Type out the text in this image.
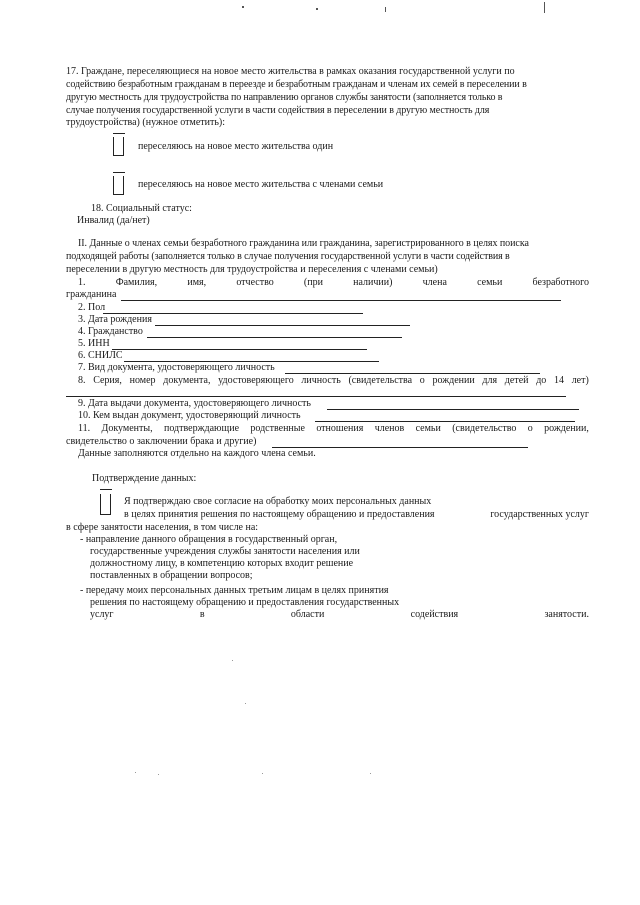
17. Граждане, переселяющиеся на новое место жительства в рамках оказания государственной услуги по
содействию безработным гражданам в переезде и безработным гражданам и членам их семей в переселении в
другую местность для трудоустройства по направлению органов службы занятости (заполняется только в
случае получения государственной услуги в части содействия в переселении в другую местность для
трудоустройства) (нужное отметить):
переселяюсь на новое место жительства один
переселяюсь на новое место жительства с членами семьи
18. Социальный статус:
Инвалид (да/нет)
II. Данные о членах семьи безработного гражданина или гражданина, зарегистрированного в целях поиска
подходящей работы (заполняется только в случае получения государственной услуги в части содействия в
переселении в другую местность для трудоустройства и переселения с членами семьи)
1.	Фамилия,	имя,	отчество	(при	наличии)	члена	семьи	безработного
гражданина
2. Пол
3. Дата рождения
4. Гражданство
5. ИНН
6. СНИЛС
7. Вид документа, удостоверяющего личность
8. Серия, номер документа, удостоверяющего личность (свидетельства о рождении для детей до 14 лет)
9. Дата выдачи документа, удостоверяющего личность
10. Кем выдан документ, удостоверяющий личность
11. Документы, подтверждающие родственные отношения членов семьи (свидетельство о рождении,
свидетельство о заключении брака и другие)
Данные заполняются отдельно на каждого члена семьи.
Подтверждение данных:
Я подтверждаю свое согласие на обработку моих персональных данных
в целях принятия решения по настоящему обращению и предоставления	государственных услуг
в сфере занятости населения, в том числе на:
- направление данного обращения в государственный орган,
государственные учреждения службы занятости населения или
должностному лицу, в компетенцию которых входит решение
поставленных в обращении вопросов;
- передачу моих персональных данных третьим лицам в целях принятия
решения по настоящему обращению и предоставления государственных
услуг	в	области	содействия	занятости.
